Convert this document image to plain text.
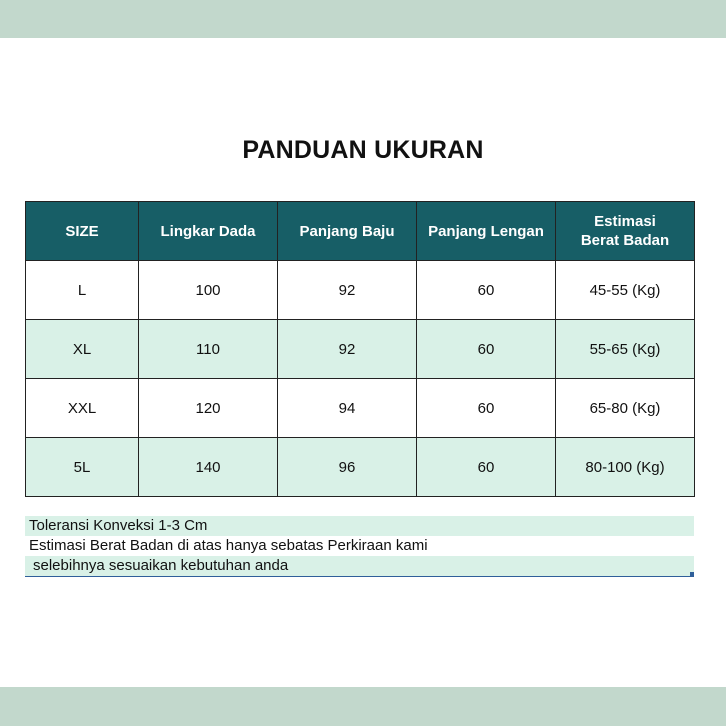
PANDUAN UKURAN
SIZE	Lingkar Dada	Panjang Baju	Panjang Lengan	Estimasi
Berat Badan
L	100	92	60	45-55 (Kg)
XL	110	92	60	55-65 (Kg)
XXL	120	94	60	65-80 (Kg)
5L	140	96	60	80-100 (Kg)
Toleransi Konveksi 1-3 Cm
Estimasi Berat Badan di atas hanya sebatas Perkiraan kami
selebihnya sesuaikan kebutuhan anda
